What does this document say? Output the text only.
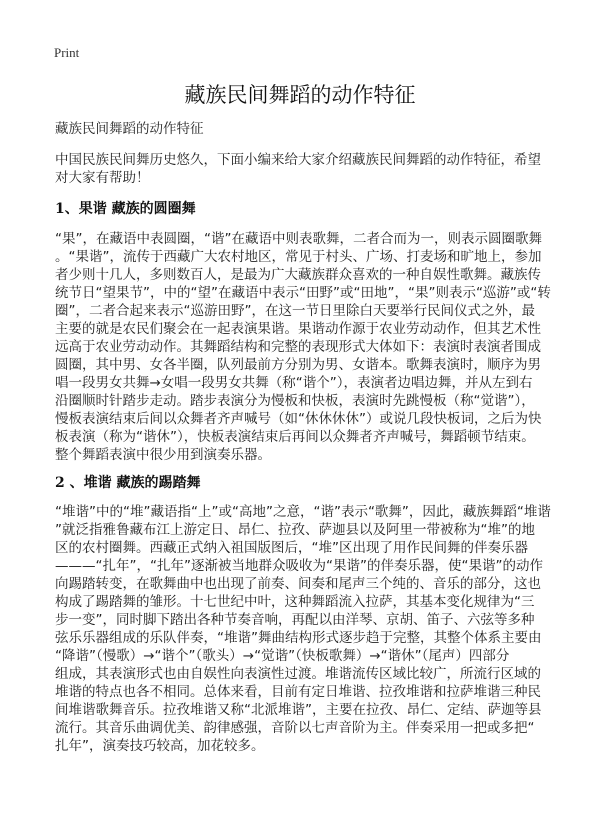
Print
藏族民间舞蹈的动作特征
藏族民间舞蹈的动作特征
中国民族民间舞历史悠久，下面小编来给大家介绍藏族民间舞蹈的动作特征，希望
对大家有帮助！
1、果谐 藏族的圆圈舞
“果”，在藏语中表圆圈，“谐”在藏语中则表歌舞，二者合而为一，则表示圆圈歌舞
。“果谐”，流传于西藏广大农村地区，常见于村头、广场、打麦场和旷地上，参加
者少则十几人，多则数百人，是最为广大藏族群众喜欢的一种自娱性歌舞。藏族传
统节日“望果节”，中的“望”在藏语中表示“田野”或“田地”，“果”则表示“巡游”或“转
圈”，二者合起来表示“巡游田野”，在这一节日里除白天要举行民间仪式之外，最
主要的就是农民们聚会在一起表演果谐。果谐动作源于农业劳动动作，但其艺术性
远高于农业劳动动作。其舞蹈结构和完整的表现形式大体如下：表演时表演者围成
圆圈，其中男、女各半圈，队列最前方分别为男、女谐本。歌舞表演时，顺序为男
唱一段男女共舞→女唱一段男女共舞（称“谐个”），表演者边唱边舞，并从左到右
沿圈顺时针踏步走动。踏步表演分为慢板和快板，表演时先跳慢板（称“觉谐”），
慢板表演结束后间以众舞者齐声喊号（如“休休休休”）或说几段快板词，之后为快
板表演（称为“谐休”），快板表演结束后再间以众舞者齐声喊号，舞蹈顿节结束。
整个舞蹈表演中很少用到演奏乐器。
2 、堆谐 藏族的踢踏舞
“堆谐”中的“堆”藏语指“上”或“高地”之意，“谐”表示“歌舞”，因此，藏族舞蹈“堆谐
”就泛指雅鲁藏布江上游定日、昂仁、拉孜、萨迦县以及阿里一带被称为“堆”的地
区的农村圈舞。西藏正式纳入祖国版图后，“堆”区出现了用作民间舞的伴奏乐器
———“扎年”，“扎年”逐渐被当地群众吸收为“果谐”的伴奏乐器，使“果谐”的动作
向踢踏转变，在歌舞曲中也出现了前奏、间奏和尾声三个纯的、音乐的部分，这也
构成了踢踏舞的雏形。十七世纪中叶，这种舞蹈流入拉萨，其基本变化规律为“三
步一变”，同时脚下踏出各种节奏音响，再配以由洋琴、京胡、笛子、六弦等多种
弦乐乐器组成的乐队伴奏，“堆谐”舞曲结构形式逐步趋于完整，其整个体系主要由
“降谐”（慢歌）→“谐个”（歌头）→“觉谐”（快板歌舞）→“谐休”（尾声）四部分
组成，其表演形式也由自娱性向表演性过渡。堆谐流传区域比较广，所流行区域的
堆谐的特点也各不相同。总体来看，目前有定日堆谐、拉孜堆谐和拉萨堆谐三种民
间堆谐歌舞音乐。拉孜堆谐又称“北派堆谐”，主要在拉孜、昂仁、定结、萨迦等县
流行。其音乐曲调优美、韵律感强，音阶以七声音阶为主。伴奏采用一把或多把“
扎年”，演奏技巧较高，加花较多。
